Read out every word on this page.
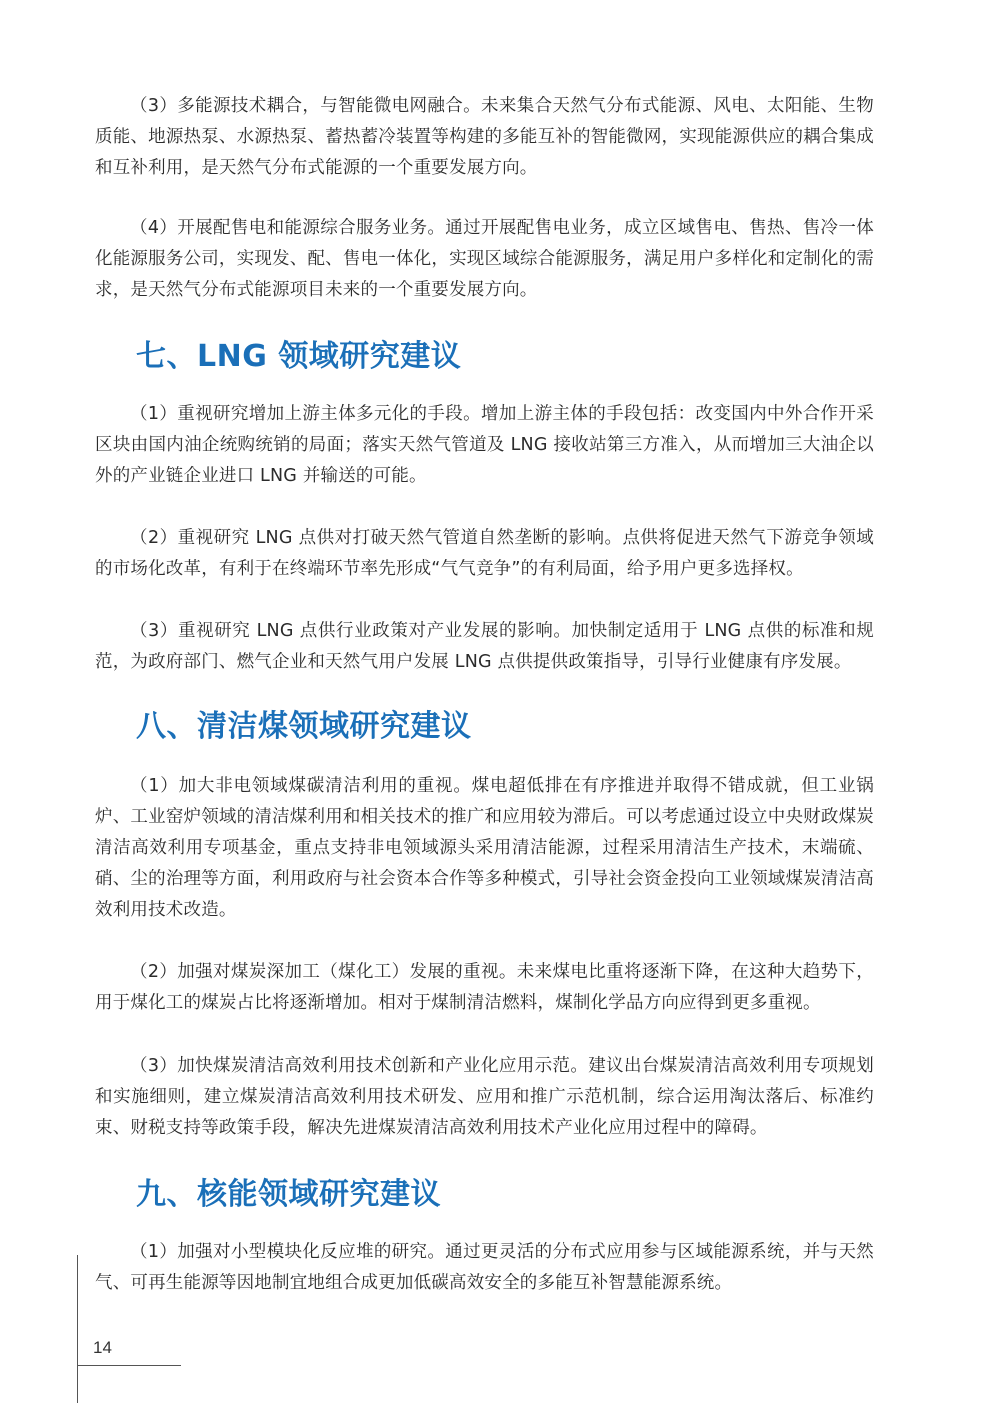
（3）多能源技术耦合，与智能微电网融合。未来集合天然气分布式能源、风电、太阳能、生物质能、地源热泵、水源热泵、蓄热蓄冷装置等构建的多能互补的智能微网，实现能源供应的耦合集成和互补利用，是天然气分布式能源的一个重要发展方向。

（4）开展配售电和能源综合服务业务。通过开展配售电业务，成立区域售电、售热、售冷一体化能源服务公司，实现发、配、售电一体化，实现区域综合能源服务，满足用户多样化和定制化的需求，是天然气分布式能源项目未来的一个重要发展方向。

七、LNG 领域研究建议

（1）重视研究增加上游主体多元化的手段。增加上游主体的手段包括：改变国内中外合作开采区块由国内油企统购统销的局面；落实天然气管道及 LNG 接收站第三方准入，从而增加三大油企以外的产业链企业进口 LNG 并输送的可能。

（2）重视研究 LNG 点供对打破天然气管道自然垄断的影响。点供将促进天然气下游竞争领域的市场化改革，有利于在终端环节率先形成“气气竞争”的有利局面，给予用户更多选择权。

（3）重视研究 LNG 点供行业政策对产业发展的影响。加快制定适用于 LNG 点供的标准和规范，为政府部门、燃气企业和天然气用户发展 LNG 点供提供政策指导，引导行业健康有序发展。

八、清洁煤领域研究建议

（1）加大非电领域煤碳清洁利用的重视。煤电超低排在有序推进并取得不错成就，但工业锅炉、工业窑炉领域的清洁煤利用和相关技术的推广和应用较为滞后。可以考虑通过设立中央财政煤炭清洁高效利用专项基金，重点支持非电领域源头采用清洁能源，过程采用清洁生产技术，末端硫、硝、尘的治理等方面，利用政府与社会资本合作等多种模式，引导社会资金投向工业领域煤炭清洁高效利用技术改造。

（2）加强对煤炭深加工（煤化工）发展的重视。未来煤电比重将逐渐下降，在这种大趋势下，用于煤化工的煤炭占比将逐渐增加。相对于煤制清洁燃料，煤制化学品方向应得到更多重视。

（3）加快煤炭清洁高效利用技术创新和产业化应用示范。建议出台煤炭清洁高效利用专项规划和实施细则，建立煤炭清洁高效利用技术研发、应用和推广示范机制，综合运用淘汰落后、标准约束、财税支持等政策手段，解决先进煤炭清洁高效利用技术产业化应用过程中的障碍。

九、核能领域研究建议

（1）加强对小型模块化反应堆的研究。通过更灵活的分布式应用参与区域能源系统，并与天然气、可再生能源等因地制宜地组合成更加低碳高效安全的多能互补智慧能源系统。

14
